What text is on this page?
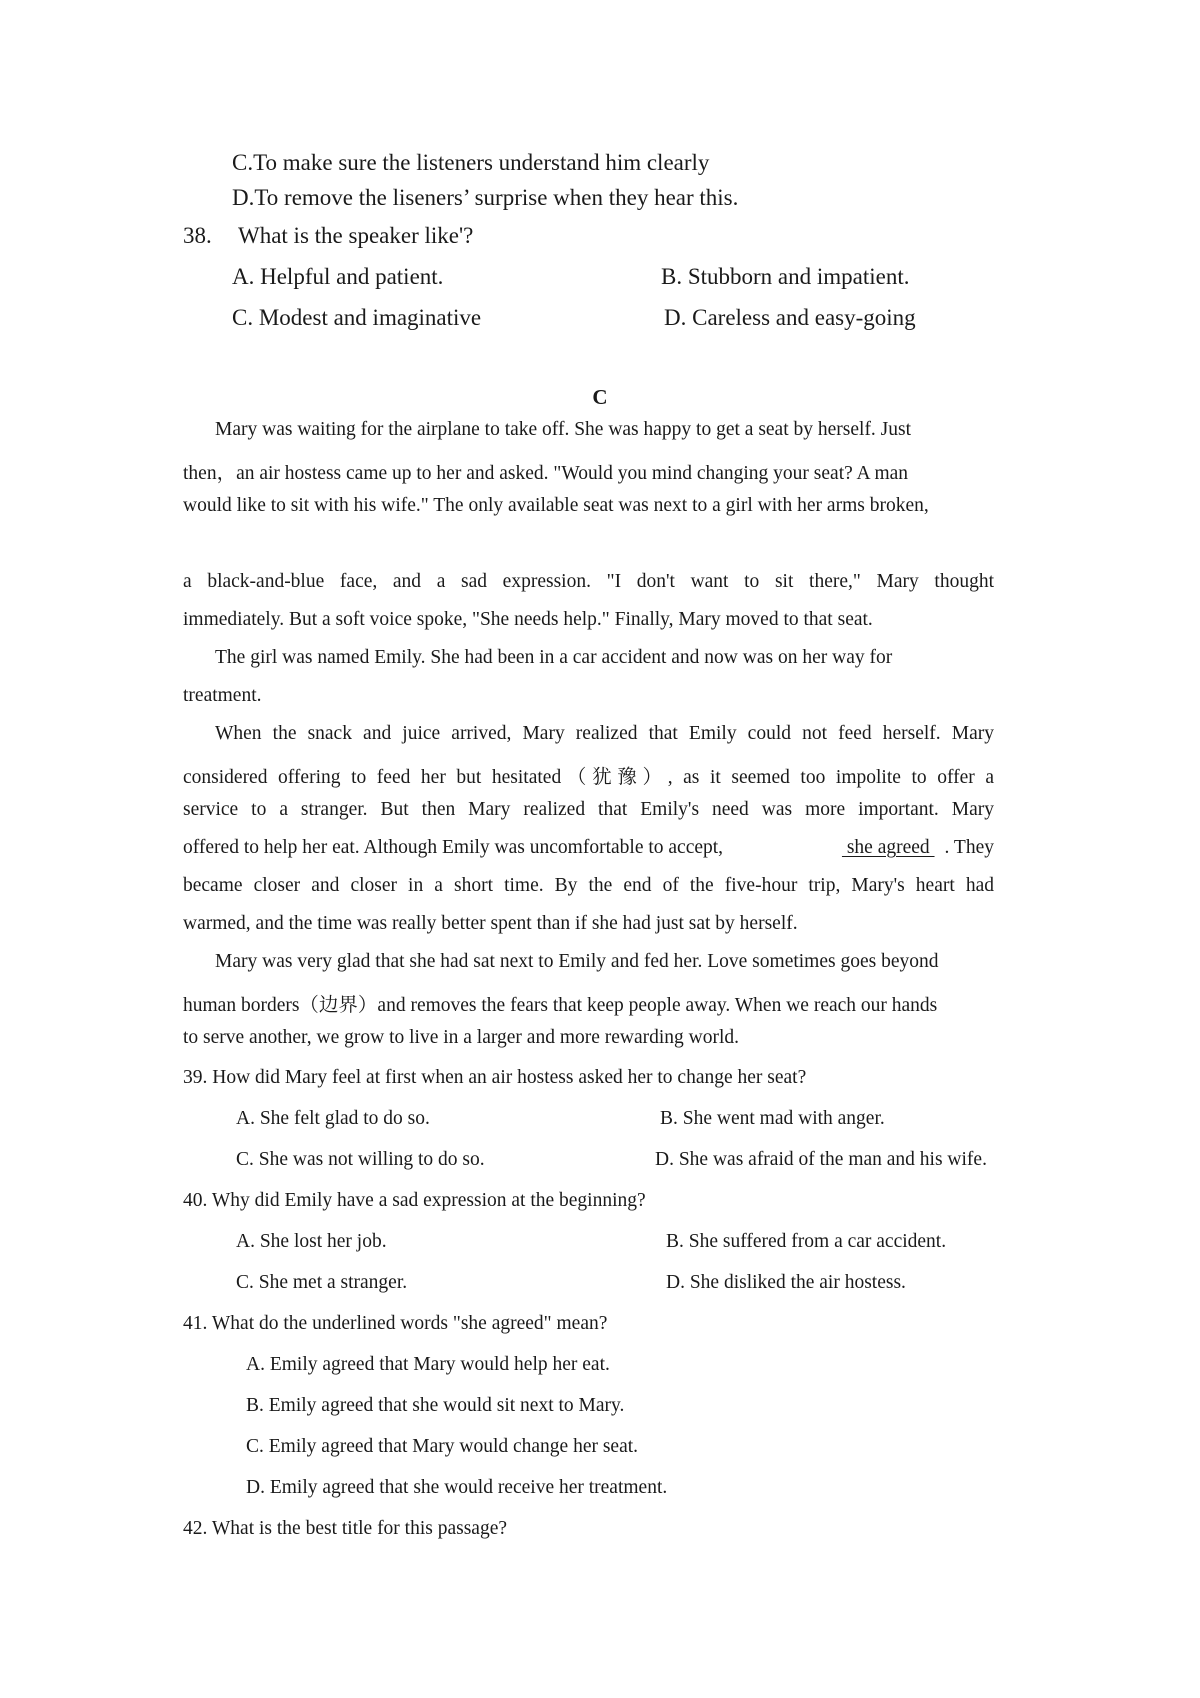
C.To make sure the listeners understand him clearly
D.To remove the liseners’ surprise when they hear this.
38. What is the speaker like'?
A. Helpful and patient.	B. Stubborn and impatient.
C. Modest and imaginative	D. Careless and easy-going
C
Mary was waiting for the airplane to take off. She was happy to get a seat by herself. Just
then，an air hostess came up to her and asked. "Would you mind changing your seat? A man
would like to sit with his wife." The only available seat was next to a girl with her arms broken,
a black-and-blue face, and a sad expression. "I don't want to sit there," Mary thought
immediately. But a soft voice spoke, "She needs help." Finally, Mary moved to that seat.
The girl was named Emily. She had been in a car accident and now was on her way for
treatment.
When the snack and juice arrived, Mary realized that Emily could not feed herself. Mary
considered offering to feed her but hesitated（犹豫）, as it seemed too impolite to offer a
service to a stranger. But then Mary realized that Emily's need was more important. Mary
offered to help her eat. Although Emily was uncomfortable to accept,	she agreed . They
became closer and closer in a short time. By the end of the five-hour trip, Mary's heart had
warmed, and the time was really better spent than if she had just sat by herself.
Mary was very glad that she had sat next to Emily and fed her. Love sometimes goes beyond
human borders（边界）and removes the fears that keep people away. When we reach our hands
to serve another, we grow to live in a larger and more rewarding world.
39. How did Mary feel at first when an air hostess asked her to change her seat?
A. She felt glad to do so.	B. She went mad with anger.
C. She was not willing to do so.	D. She was afraid of the man and his wife.
40. Why did Emily have a sad expression at the beginning?
A. She lost her job.	B. She suffered from a car accident.
C. She met a stranger.	D. She disliked the air hostess.
41. What do the underlined words "she agreed" mean?
A. Emily agreed that Mary would help her eat.
B. Emily agreed that she would sit next to Mary.
C. Emily agreed that Mary would change her seat.
D. Emily agreed that she would receive her treatment.
42. What is the best title for this passage?
